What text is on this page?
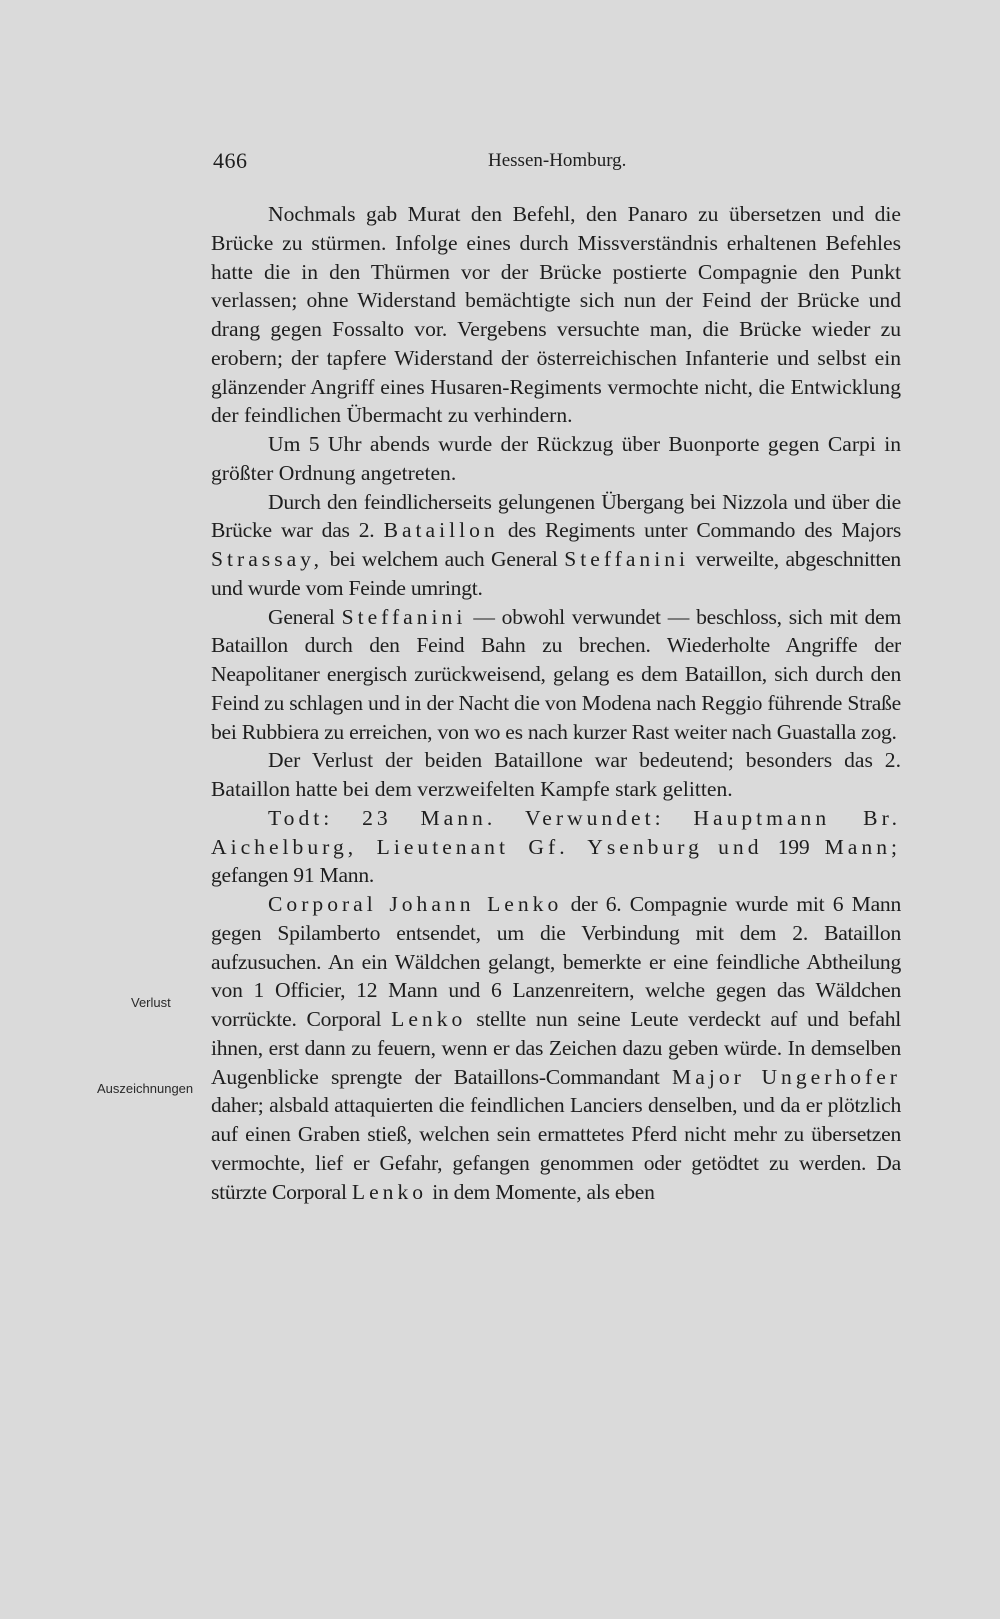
466	Hessen-Homburg.
Verlust
Auszeichnungen

Nochmals gab Murat den Befehl, den Panaro zu übersetzen und die Brücke zu stürmen. Infolge eines durch Missverständnis erhaltenen Befehles hatte die in den Thürmen vor der Brücke postierte Compagnie den Punkt verlassen; ohne Widerstand bemächtigte sich nun der Feind der Brücke und drang gegen Fossalto vor. Vergebens versuchte man, die Brücke wieder zu erobern; der tapfere Widerstand der österreichischen Infanterie und selbst ein glänzender Angriff eines Husaren-Regiments vermochte nicht, die Entwicklung der feindlichen Übermacht zu verhindern.

Um 5 Uhr abends wurde der Rückzug über Buonporte gegen Carpi in größter Ordnung angetreten.

Durch den feindlicherseits gelungenen Übergang bei Nizzola und über die Brücke war das 2. Bataillon des Regiments unter Commando des Majors Strassay, bei welchem auch General Steffanini verweilte, abgeschnitten und wurde vom Feinde umringt.

General Steffanini — obwohl verwundet — beschloss, sich mit dem Bataillon durch den Feind Bahn zu brechen. Wiederholte Angriffe der Neapolitaner energisch zurückweisend, gelang es dem Bataillon, sich durch den Feind zu schlagen und in der Nacht die von Modena nach Reggio führende Straße bei Rubbiera zu erreichen, von wo es nach kurzer Rast weiter nach Guastalla zog.

Der Verlust der beiden Bataillone war bedeutend; besonders das 2. Bataillon hatte bei dem verzweifelten Kampfe stark gelitten.

Todt: 23 Mann. Verwundet: Hauptmann Br. Aichelburg, Lieutenant Gf. Ysenburg und 199 Mann; gefangen 91 Mann.

Corporal Johann Lenko der 6. Compagnie wurde mit 6 Mann gegen Spilamberto entsendet, um die Verbindung mit dem 2. Bataillon aufzusuchen. An ein Wäldchen gelangt, bemerkte er eine feindliche Abtheilung von 1 Officier, 12 Mann und 6 Lanzenreitern, welche gegen das Wäldchen vorrückte. Corporal Lenko stellte nun seine Leute verdeckt auf und befahl ihnen, erst dann zu feuern, wenn er das Zeichen dazu geben würde. In demselben Augenblicke sprengte der Bataillons-Commandant Major Ungerhofer daher; alsbald attaquierten die feindlichen Lanciers denselben, und da er plötzlich auf einen Graben stieß, welchen sein ermattetes Pferd nicht mehr zu übersetzen vermochte, lief er Gefahr, gefangen genommen oder getödtet zu werden. Da stürzte Corporal Lenko in dem Momente, als eben
